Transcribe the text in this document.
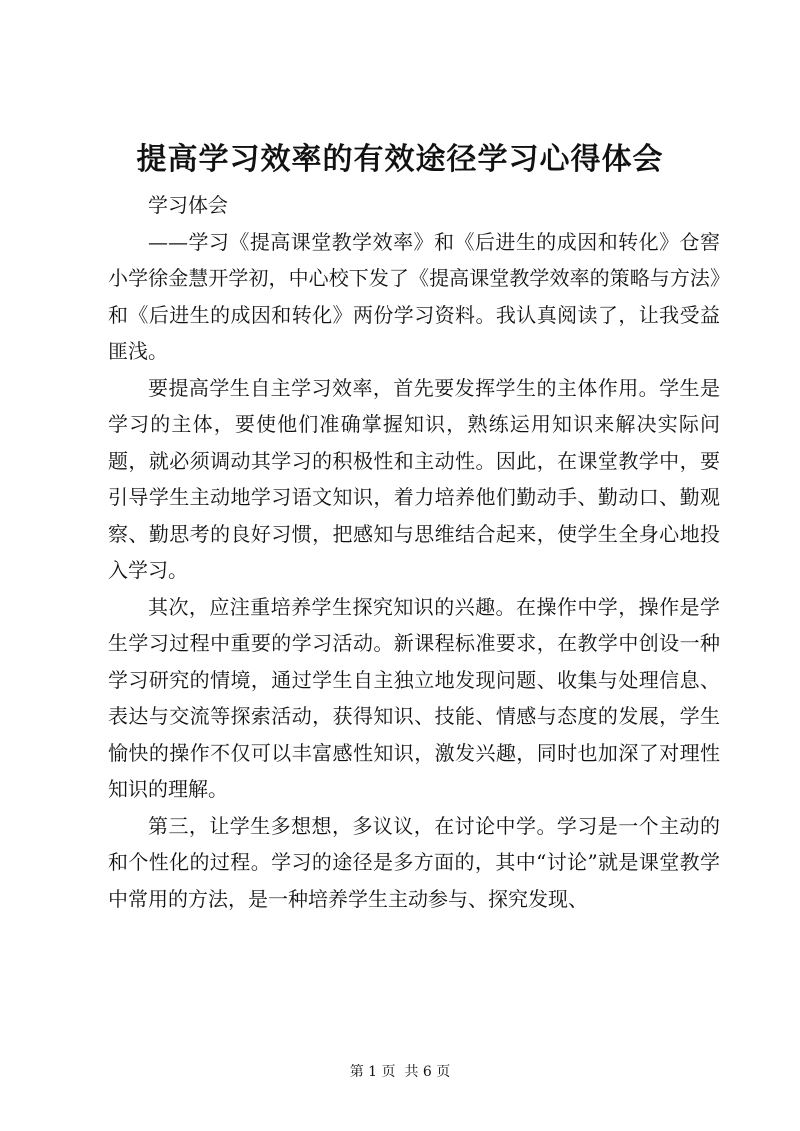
提高学习效率的有效途径学习心得体会

学习体会

——学习《提高课堂教学效率》和《后进生的成因和转化》仓窖小学徐金慧开学初，中心校下发了《提高课堂教学效率的策略与方法》和《后进生的成因和转化》两份学习资料。我认真阅读了，让我受益匪浅。

要提高学生自主学习效率，首先要发挥学生的主体作用。学生是学习的主体，要使他们准确掌握知识，熟练运用知识来解决实际问题，就必须调动其学习的积极性和主动性。因此，在课堂教学中，要引导学生主动地学习语文知识，着力培养他们勤动手、勤动口、勤观察、勤思考的良好习惯，把感知与思维结合起来，使学生全身心地投入学习。

其次，应注重培养学生探究知识的兴趣。在操作中学，操作是学生学习过程中重要的学习活动。新课程标准要求，在教学中创设一种学习研究的情境，通过学生自主独立地发现问题、收集与处理信息、表达与交流等探索活动，获得知识、技能、情感与态度的发展，学生愉快的操作不仅可以丰富感性知识，激发兴趣，同时也加深了对理性知识的理解。

第三，让学生多想想，多议议，在讨论中学。学习是一个主动的和个性化的过程。学习的途径是多方面的，其中“讨论”就是课堂教学中常用的方法，是一种培养学生主动参与、探究发现、

第 1 页  共 6 页
